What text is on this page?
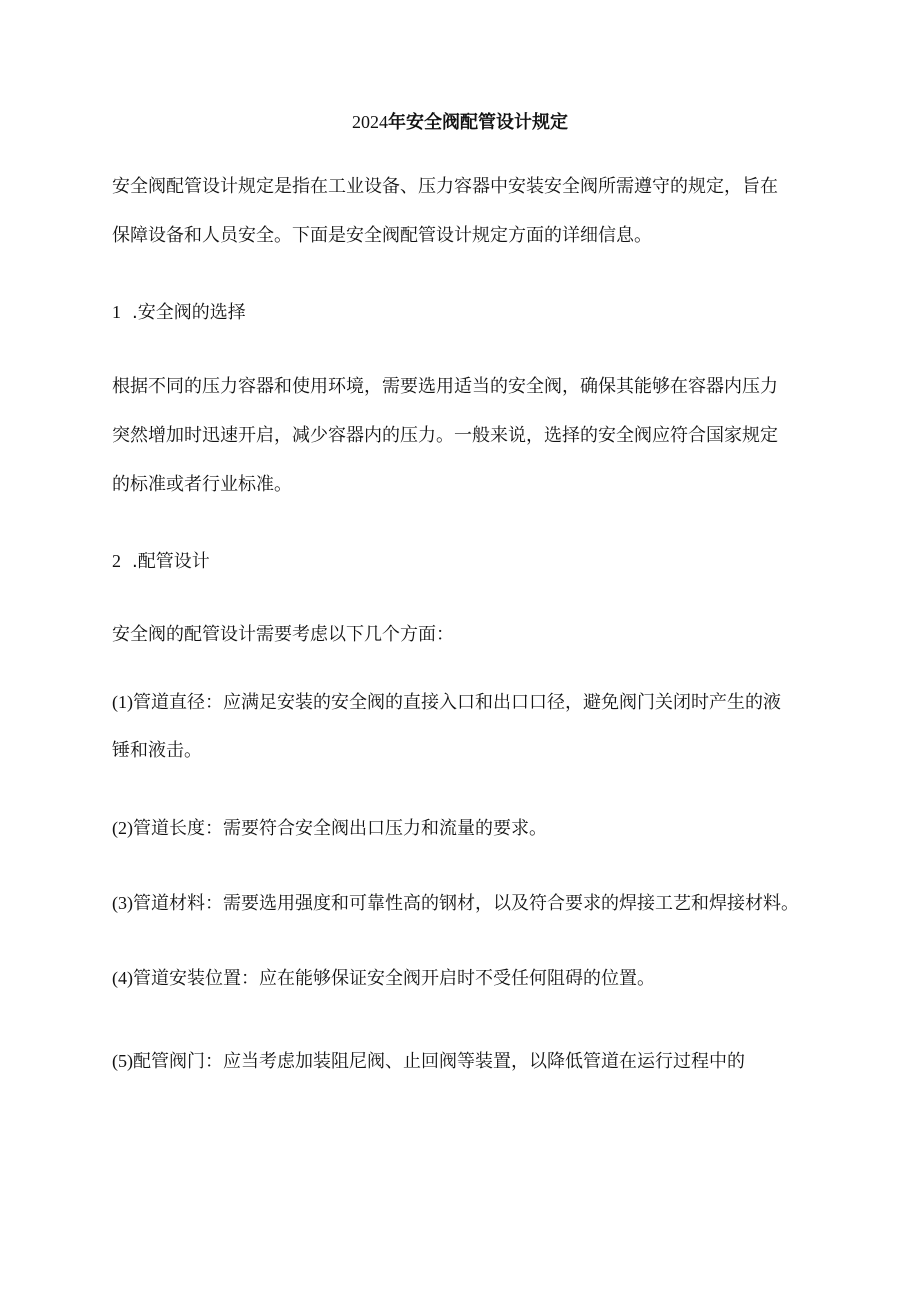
2024年安全阀配管设计规定
安全阀配管设计规定是指在工业设备、压力容器中安装安全阀所需遵守的规定，旨在
保障设备和人员安全。下面是安全阀配管设计规定方面的详细信息。
1 .安全阀的选择
根据不同的压力容器和使用环境，需要选用适当的安全阀，确保其能够在容器内压力
突然增加时迅速开启，减少容器内的压力。一般来说，选择的安全阀应符合国家规定
的标准或者行业标准。
2 .配管设计
安全阀的配管设计需要考虑以下几个方面：
(1)管道直径：应满足安装的安全阀的直接入口和出口口径，避免阀门关闭时产生的液
锤和液击。
(2)管道长度：需要符合安全阀出口压力和流量的要求。
(3)管道材料：需要选用强度和可靠性高的钢材，以及符合要求的焊接工艺和焊接材料。
(4)管道安装位置：应在能够保证安全阀开启时不受任何阻碍的位置。
(5)配管阀门：应当考虑加装阻尼阀、止回阀等装置，以降低管道在运行过程中的
